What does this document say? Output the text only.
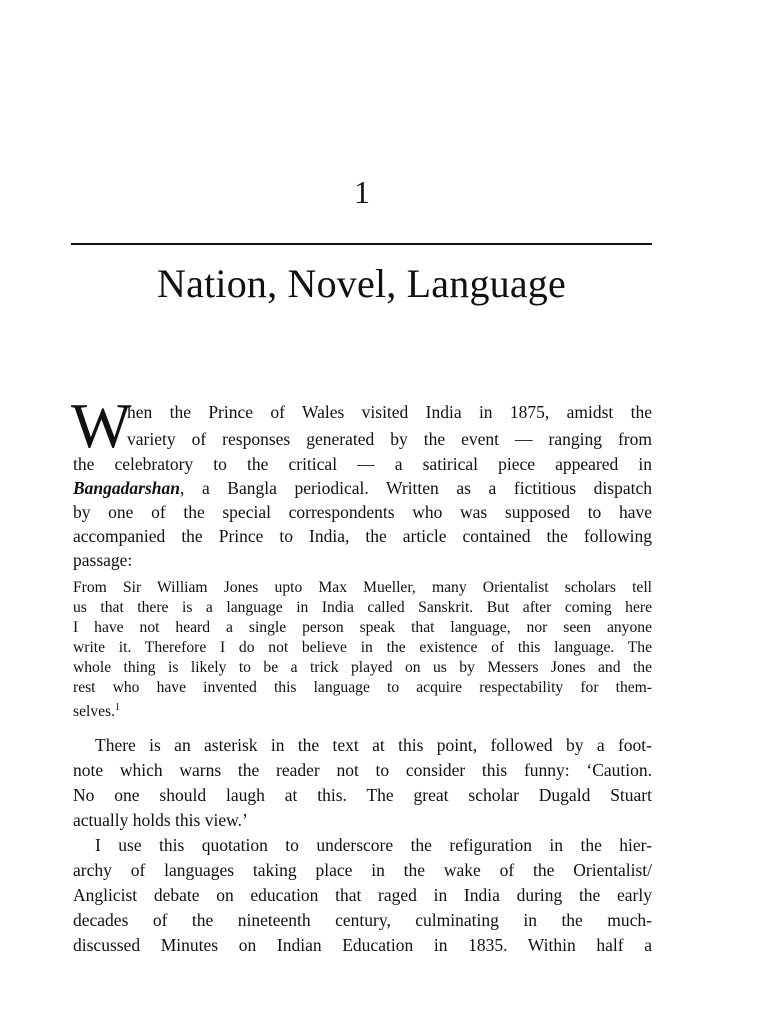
1
Nation, Novel, Language
W
hen the Prince of Wales visited India in 1875, amidst the
variety of responses generated by the event — ranging from
the celebratory to the critical — a satirical piece appeared in
Bangadarshan, a Bangla periodical. Written as a fictitious dispatch
by one of the special correspondents who was supposed to have
accompanied the Prince to India, the article contained the following
passage:
From Sir William Jones upto Max Mueller, many Orientalist scholars tell
us that there is a language in India called Sanskrit. But after coming here
I have not heard a single person speak that language, nor seen anyone
write it. Therefore I do not believe in the existence of this language. The
whole thing is likely to be a trick played on us by Messers Jones and the
rest who have invented this language to acquire respectability for them-
selves.$^1$
There is an asterisk in the text at this point, followed by a foot-
note which warns the reader not to consider this funny: ‘Caution.
No one should laugh at this. The great scholar Dugald Stuart
actually holds this view.’
I use this quotation to underscore the refiguration in the hier-
archy of languages taking place in the wake of the Orientalist/
Anglicist debate on education that raged in India during the early
decades of the nineteenth century, culminating in the much-
discussed Minutes on Indian Education in 1835. Within half a
